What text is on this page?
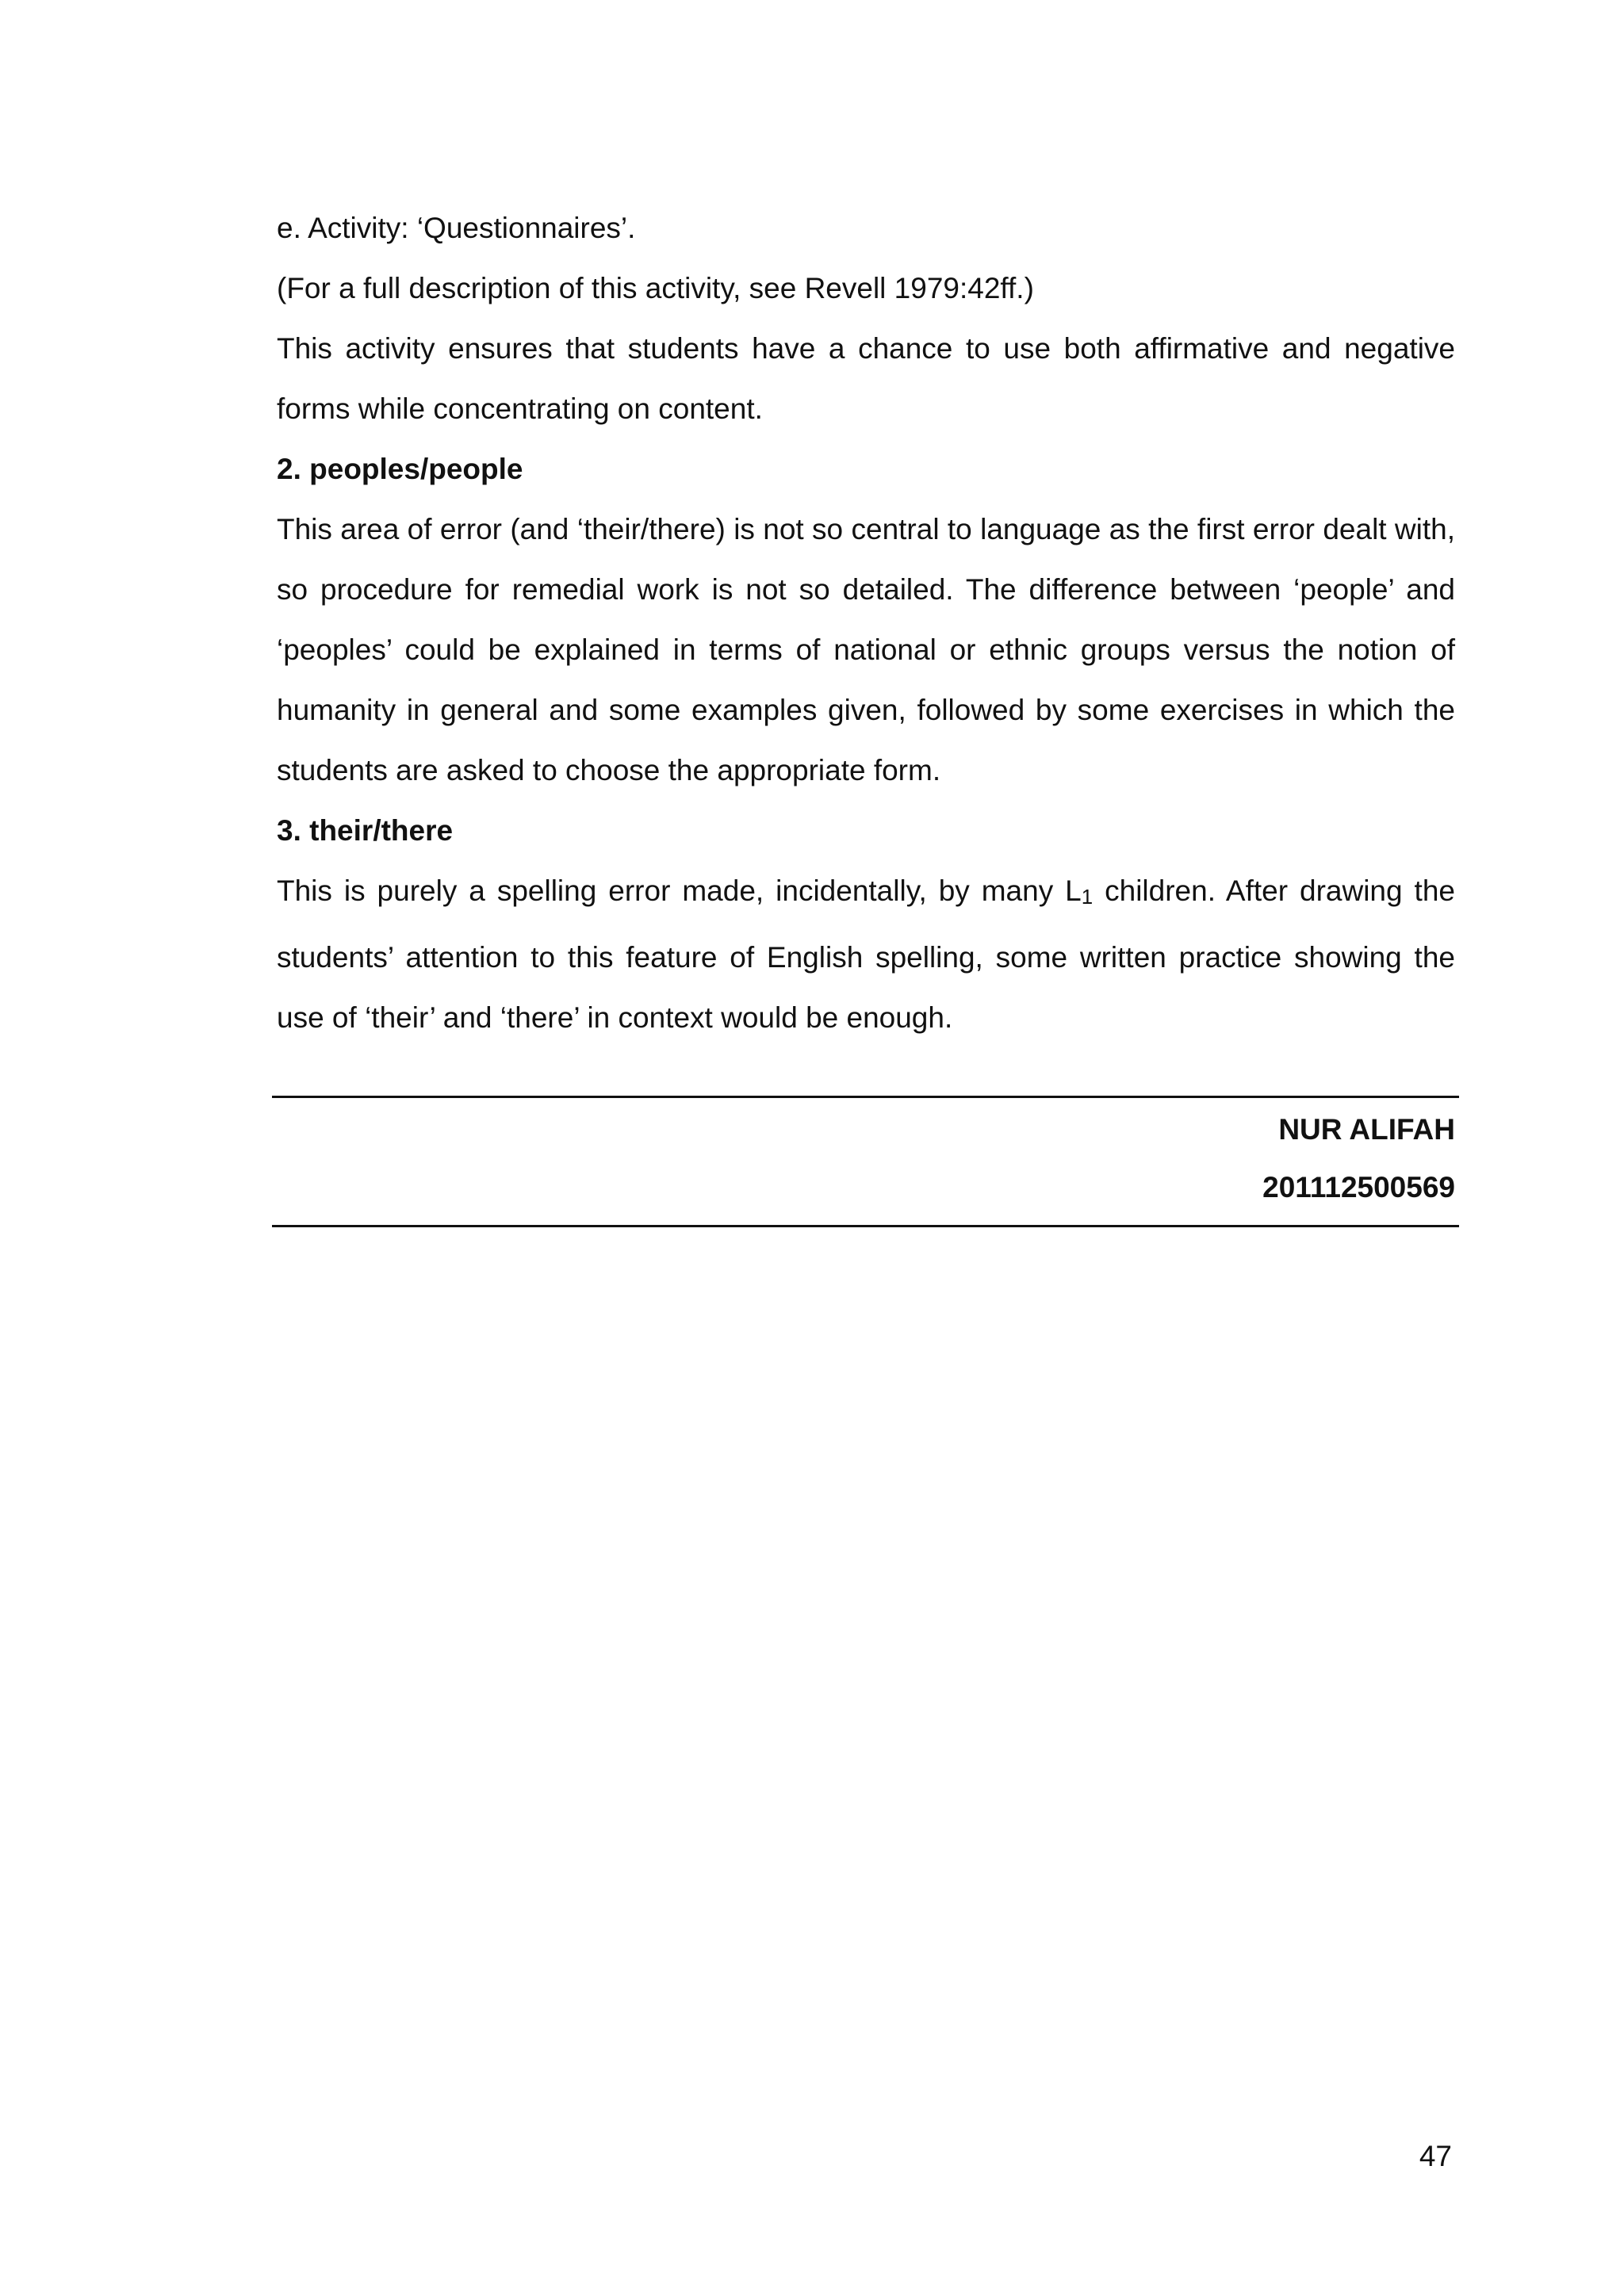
e. Activity: ‘Questionnaires’.

(For a full description of this activity, see Revell 1979:42ff.)

This activity ensures that students have a chance to use both affirmative and negative forms while concentrating on content.

2. peoples/people

This area of error (and ‘their/there) is not so central to language as the first error dealt with, so procedure for remedial work is not so detailed. The difference between ‘people’ and ‘peoples’ could be explained in terms of national or ethnic groups versus the notion of humanity in general and some examples given, followed by some exercises in which the students are asked to choose the appropriate form.

3. their/there

This is purely a spelling error made, incidentally, by many L1 children. After drawing the students’ attention to this feature of English spelling, some written practice showing the use of ‘their’ and ‘there’ in context would be enough.

NUR ALIFAH
201112500569
47
